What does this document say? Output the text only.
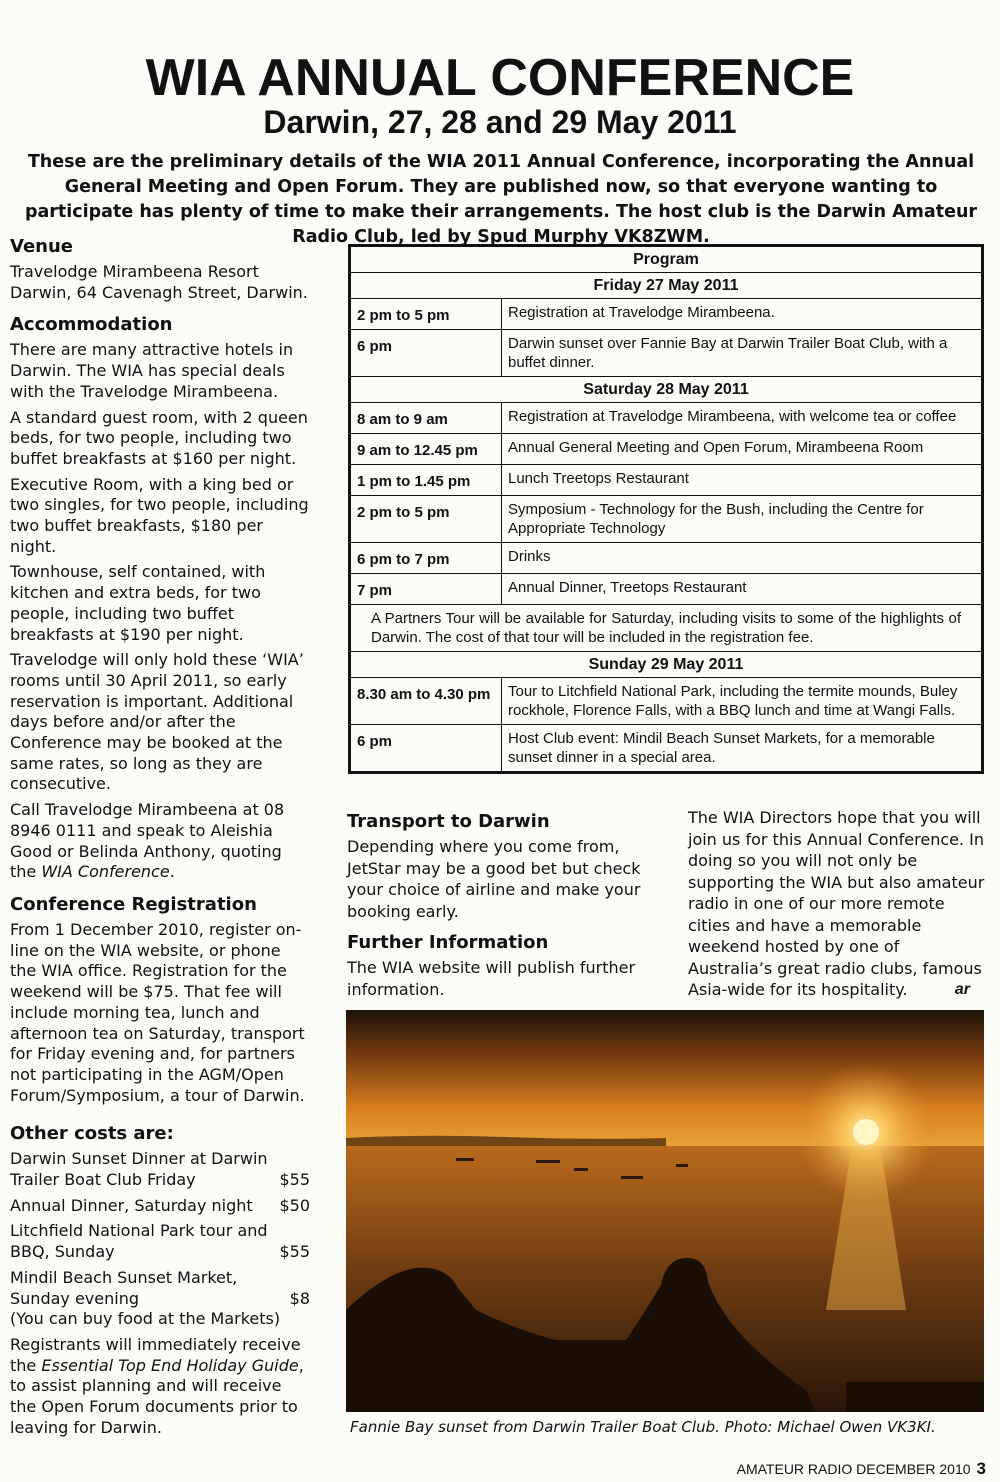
WIA ANNUAL CONFERENCE
Darwin, 27, 28 and 29 May 2011
These are the preliminary details of the WIA 2011 Annual Conference, incorporating the Annual General Meeting and Open Forum. They are published now, so that everyone wanting to participate has plenty of time to make their arrangements. The host club is the Darwin Amateur Radio Club, led by Spud Murphy VK8ZWM.
Venue

Travelodge Mirambeena Resort Darwin, 64 Cavenagh Street, Darwin.

Accommodation

There are many attractive hotels in Darwin. The WIA has special deals with the Travelodge Mirambeena.

A standard guest room, with 2 queen beds, for two people, including two buffet breakfasts at $160 per night.

Executive Room, with a king bed or two singles, for two people, including two buffet breakfasts, $180 per night.

Townhouse, self contained, with kitchen and extra beds, for two people, including two buffet breakfasts at $190 per night.

Travelodge will only hold these ‘WIA’ rooms until 30 April 2011, so early reservation is important. Additional days before and/or after the Conference may be booked at the same rates, so long as they are consecutive.

Call Travelodge Mirambeena at 08 8946 0111 and speak to Aleishia Good or Belinda Anthony, quoting the WIA Conference.

Conference Registration

From 1 December 2010, register on-line on the WIA website, or phone the WIA office. Registration for the weekend will be $75. That fee will include morning tea, lunch and afternoon tea on Saturday, transport for Friday evening and, for partners not participating in the AGM/Open Forum/Symposium, a tour of Darwin.

Other costs are:
Darwin Sunset Dinner at Darwin Trailer Boat Club Friday	$55
Annual Dinner, Saturday night	$50
Litchfield National Park tour and BBQ, Sunday	$55
Mindil Beach Sunset Market, Sunday evening	$8

(You can buy food at the Markets)

Registrants will immediately receive the Essential Top End Holiday Guide, to assist planning and will receive the Open Forum documents prior to leaving for Darwin.

Program	
Friday 27 May 2011	
2 pm to 5 pm	Registration at Travelodge Mirambeena.
6 pm	Darwin sunset over Fannie Bay at Darwin Trailer Boat Club, with a buffet dinner.
Saturday 28 May 2011	
8 am to 9 am	Registration at Travelodge Mirambeena, with welcome tea or coffee
9 am to 12.45 pm	Annual General Meeting and Open Forum, Mirambeena Room
1 pm to 1.45 pm	Lunch Treetops Restaurant
2 pm to 5 pm	Symposium - Technology for the Bush, including the Centre for Appropriate Technology
6 pm to 7 pm	Drinks
7 pm	Annual Dinner, Treetops Restaurant
A Partners Tour will be available for Saturday, including visits to some of the highlights of Darwin. The cost of that tour will be included in the registration fee.	
Sunday 29 May 2011	
8.30 am to 4.30 pm	Tour to Litchfield National Park, including the termite mounds, Buley rockhole, Florence Falls, with a BBQ lunch and time at Wangi Falls.
6 pm	Host Club event: Mindil Beach Sunset Markets, for a memorable sunset dinner in a special area.
Transport to Darwin

Depending where you come from, JetStar may be a good bet but check your choice of airline and make your booking early.

Further Information

The WIA website will publish further information.

The WIA Directors hope that you will join us for this Annual Conference. In doing so you will not only be supporting the WIA but also amateur radio in one of our more remote cities and have a memorable weekend hosted by one of Australia’s great radio clubs, famous Asia-wide for its hospitality.	ar

Fannie Bay sunset from Darwin Trailer Boat Club. Photo: Michael Owen VK3KI.
AMATEUR RADIO DECEMBER 2010 3
